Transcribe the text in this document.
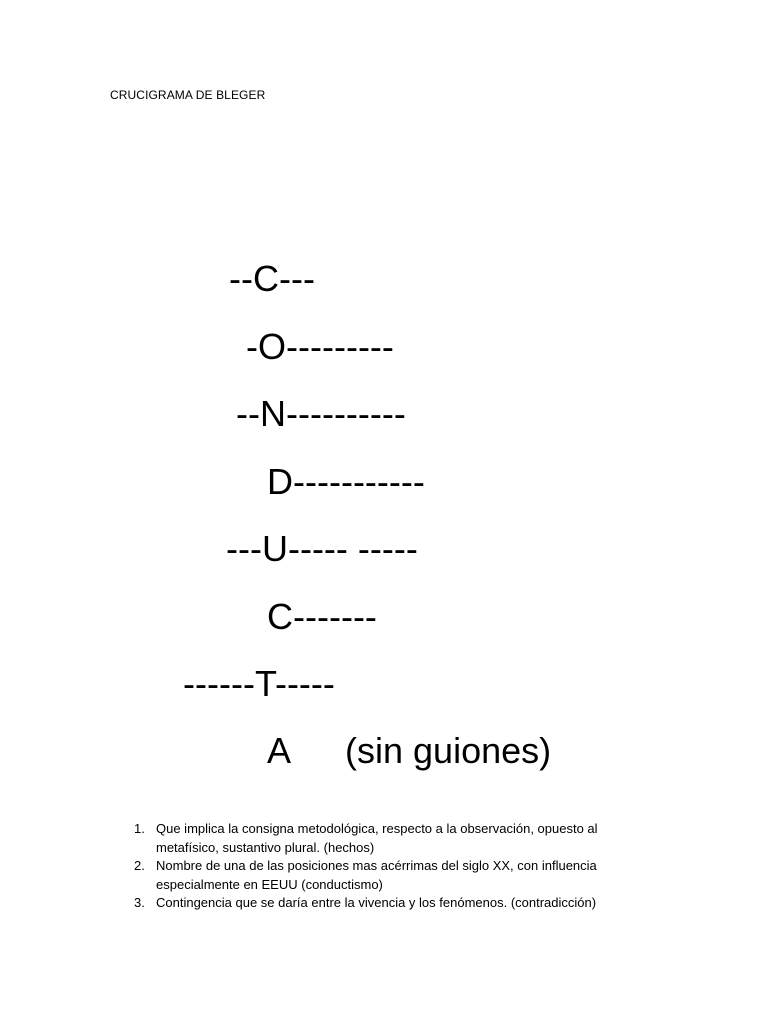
CRUCIGRAMA DE BLEGER
--C---
-O---------
--N----------
D-----------
---U----- -----
C-------
------T-----
A (sin guiones)
1. Que implica la consigna metodológica, respecto a la observación, opuesto al metafísico, sustantivo plural. (hechos)
2. Nombre de una de las posiciones mas acérrimas del siglo XX, con influencia especialmente en EEUU (conductismo)
3. Contingencia que se daría entre la vivencia y los fenómenos. (contradicción)
